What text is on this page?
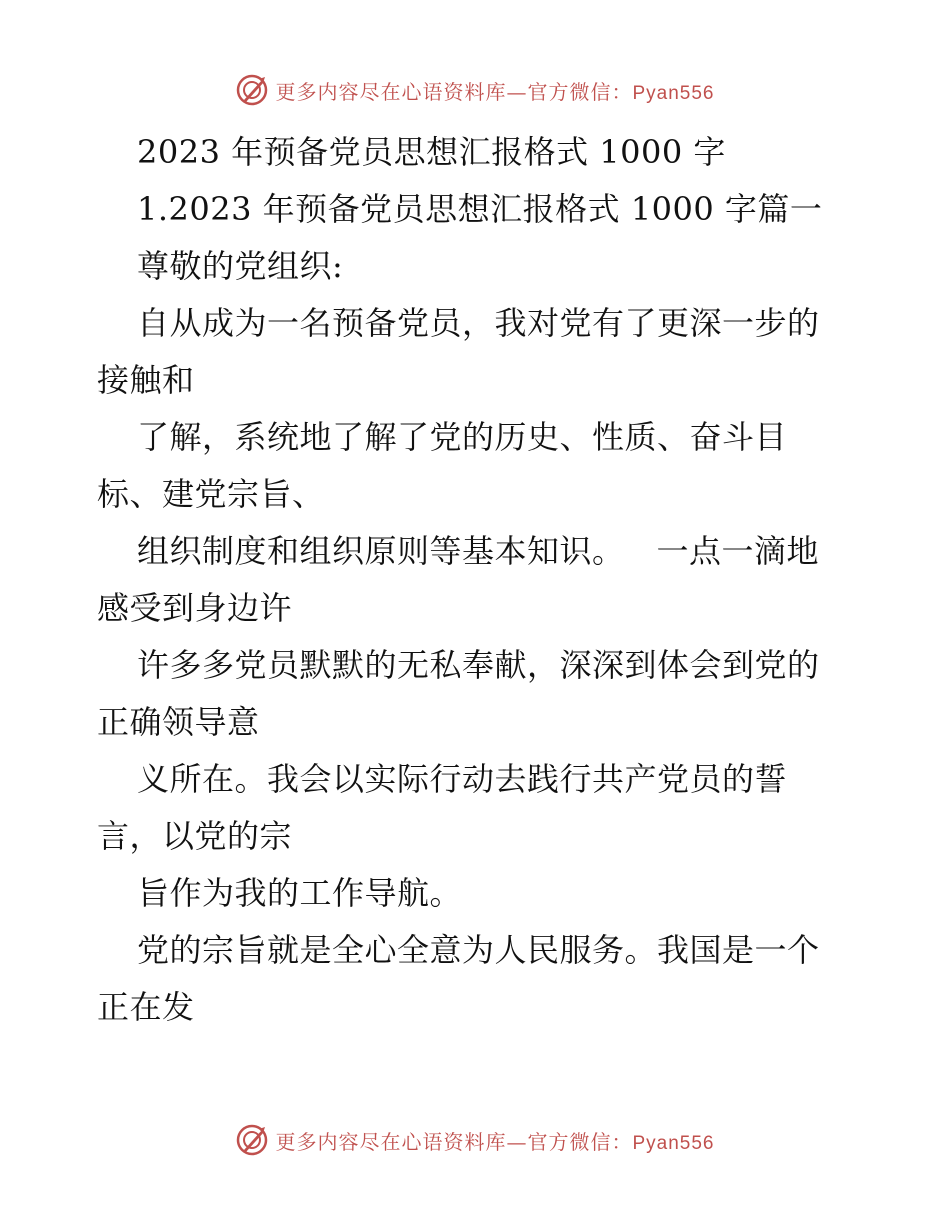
更多内容尽在心语资料库—官方微信：Pyan556
2023 年预备党员思想汇报格式 1000 字
1.2023 年预备党员思想汇报格式 1000 字篇一
尊敬的党组织:
自从成为一名预备党员，我对党有了更深一步的
接触和
了解，系统地了解了党的历史、性质、奋斗目
标、建党宗旨、
组织制度和组织原则等基本知识。   一点一滴地
感受到身边许
许多多党员默默的无私奉献，深深到体会到党的
正确领导意
义所在。我会以实际行动去践行共产党员的誓
言，以党的宗
旨作为我的工作导航。
党的宗旨就是全心全意为人民服务。我国是一个
正在发
更多内容尽在心语资料库—官方微信：Pyan556
